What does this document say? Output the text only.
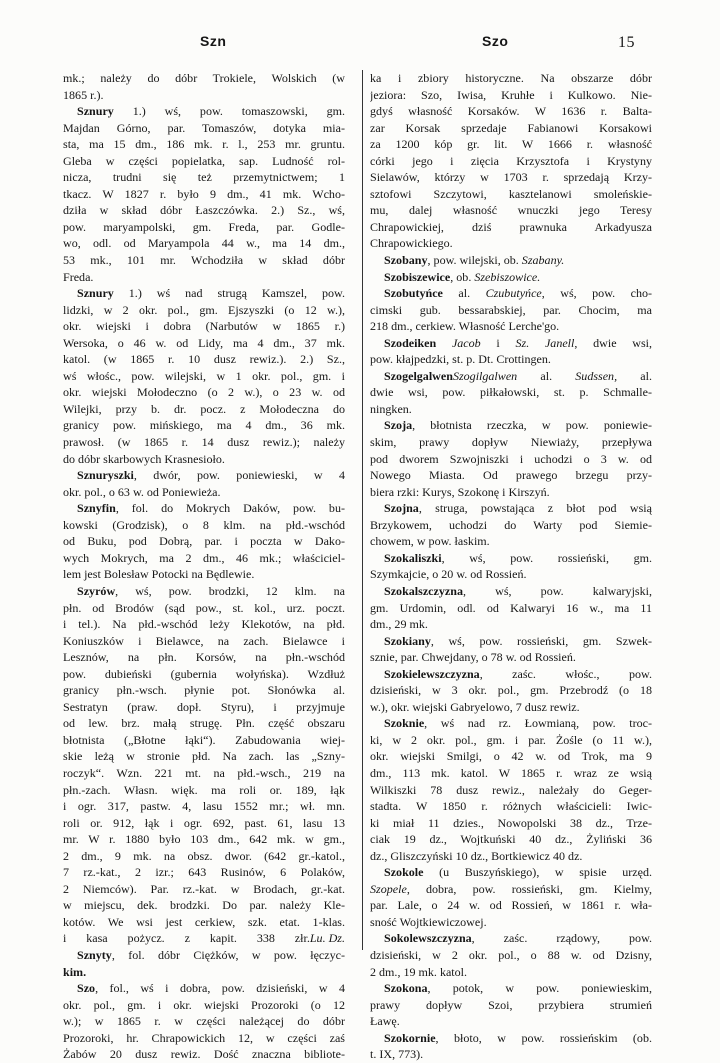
Szn	Szo	15
mk.; należy do dóbr Trokiele, Wolskich (w
1865 r.).
Sznury 1.) wś, pow. tomaszowski, gm.
Majdan Górno, par. Tomaszów, dotyka mia-
sta, ma 15 dm., 186 mk. r. l., 253 mr. gruntu.
Gleba w części popielatka, sap. Ludność rol-
nicza, trudni się też przemytnictwem; 1
tkacz. W 1827 r. było 9 dm., 41 mk. Wcho-
dziła w skład dóbr Łaszczówka. 2.) Sz., wś,
pow. maryampolski, gm. Freda, par. Godle-
wo, odl. od Maryampola 44 w., ma 14 dm.,
53 mk., 101 mr. Wchodziła w skład dóbr
Freda.
Sznury 1.) wś nad strugą Kamszel, pow.
lidzki, w 2 okr. pol., gm. Ejszyszki (o 12 w.),
okr. wiejski i dobra (Narbutów w 1865 r.)
Wersoka, o 46 w. od Lidy, ma 4 dm., 37 mk.
katol. (w 1865 r. 10 dusz rewiz.). 2.) Sz.,
wś włośc., pow. wilejski, w 1 okr. pol., gm. i
okr. wiejski Mołodeczno (o 2 w.), o 23 w. od
Wilejki, przy b. dr. pocz. z Mołodeczna do
granicy pow. mińskiego, ma 4 dm., 36 mk.
prawosł. (w 1865 r. 14 dusz rewiz.); należy
do dóbr skarbowych Krasnesioło.
Sznuryszki, dwór, pow. poniewieski, w 4
okr. pol., o 63 w. od Poniewieża.
Sznyfin, fol. do Mokrych Daków, pow. bu-
kowski (Grodzisk), o 8 klm. na płd.-wschód
od Buku, pod Dobrą, par. i poczta w Dako-
wych Mokrych, ma 2 dm., 46 mk.; właściciel-
lem jest Bolesław Potocki na Będlewie.
Szyrów, wś, pow. brodzki, 12 klm. na
płn. od Brodów (sąd pow., st. kol., urz. poczt.
i tel.). Na płd.-wschód leży Klekotów, na płd.
Koniuszków i Bielawce, na zach. Bielawce i
Lesznów, na płn. Korsów, na płn.-wschód
pow. dubieński (gubernia wołyńska). Wzdłuż
granicy płn.-wsch. płynie pot. Słonówka al.
Sestratyn (praw. dopł. Styru), i przyjmuje
od lew. brz. małą strugę. Płn. część obszaru
błotnista („Błotne łąki“). Zabudowania wiej-
skie leżą w stronie płd. Na zach. las „Szny-
roczyk“. Wzn. 221 mt. na płd.-wsch., 219 na
płn.-zach. Własn. więk. ma roli or. 189, łąk
i ogr. 317, pastw. 4, lasu 1552 mr.; wł. mn.
roli or. 912, łąk i ogr. 692, past. 61, lasu 13
mr. W r. 1880 było 103 dm., 642 mk. w gm.,
2 dm., 9 mk. na obsz. dwor. (642 gr.-katol.,
7 rz.-kat., 2 izr.; 643 Rusinów, 6 Polaków,
2 Niemców). Par. rz.-kat. w Brodach, gr.-kat.
w miejscu, dek. brodzki. Do par. należy Kle-
kotów. We wsi jest cerkiew, szk. etat. 1-klas.
i kasa pożycz. z kapit. 338 złr. Lu. Dz.
Sznyty, fol. dóbr Ciężków, w pow. łęczyc-
kim.
Szo, fol., wś i dobra, pow. dzisieński, w 4
okr. pol., gm. i okr. wiejski Prozoroki (o 12
w.); w 1865 r. w części należącej do dóbr
Prozoroki, hr. Chrapowickich 12, w części zaś
Żabów 20 dusz rewiz. Dość znaczna bibliote-
ka i zbiory historyczne. Na obszarze dóbr
jeziora: Szo, Iwisa, Kruhłe i Kulkowo. Nie-
gdyś własność Korsaków. W 1636 r. Balta-
zar Korsak sprzedaje Fabianowi Korsakowi
za 1200 kóp gr. lit. W 1666 r. własność
córki jego i zięcia Krzysztofa i Krystyny
Sielawów, którzy w 1703 r. sprzedają Krzy-
sztofowi Szczytowi, kasztelanowi smoleńskie-
mu, dalej własność wnuczki jego Teresy
Chrapowickiej, dziś prawnuka Arkadyusza
Chrapowickiego.
Szobany, pow. wilejski, ob. Szabany.
Szobiszewice, ob. Szebiszowice.
Szobutyńce al. Czubutyńce, wś, pow. cho-
cimski gub. bessarabskiej, par. Chocim, ma
218 dm., cerkiew. Własność Lerche'go.
Szodeiken Jacob i Sz. Janell, dwie wsi,
pow. kłajpedzki, st. p. Dt. Crottingen.
SzogelgalwenSzogilgalwen al. Sudssen, al.
dwie wsi, pow. piłkałowski, st. p. Schmalle-
ningken.
Szoja, błotnista rzeczka, w pow. poniewie-
skim, prawy dopływ Niewiaży, przepływa
pod dworem Szwojniszki i uchodzi o 3 w. od
Nowego Miasta. Od prawego brzegu przy-
biera rzki: Kurys, Szokonę i Kirszyń.
Szojna, struga, powstająca z błot pod wsią
Brzykowem, uchodzi do Warty pod Siemie-
chowem, w pow. łaskim.
Szokaliszki, wś, pow. rossieński, gm.
Szymkajcie, o 20 w. od Rossień.
Szokalszczyzna, wś, pow. kalwaryjski,
gm. Urdomin, odl. od Kalwaryi 16 w., ma 11
dm., 29 mk.
Szokiany, wś, pow. rossieński, gm. Szwek-
sznie, par. Chwejdany, o 78 w. od Rossień.
Szokielewszczyzna, zaśc. włośc., pow.
dzisieński, w 3 okr. pol., gm. Przebrodź (o 18
w.), okr. wiejski Gabryelowo, 7 dusz rewiz.
Szoknie, wś nad rz. Łowmianą, pow. troc-
ki, w 2 okr. pol., gm. i par. Żośle (o 11 w.),
okr. wiejski Smilgi, o 42 w. od Trok, ma 9
dm., 113 mk. katol. W 1865 r. wraz ze wsią
Wilkiszki 78 dusz rewiz., należały do Geger-
stadta. W 1850 r. różnych właścicieli: Iwic-
ki miał 11 dzies., Nowopolski 38 dz., Trze-
ciak 19 dz., Wojtkuński 40 dz., Żyliński 36
dz., Gliszczyński 10 dz., Bortkiewicz 40 dz.
Szokole (u Buszyńskiego), w spisie urzęd.
Szopele, dobra, pow. rossieński, gm. Kielmy,
par. Lale, o 24 w. od Rossień, w 1861 r. wła-
sność Wojtkiewiczowej.
Sokolewszczyzna, zaśc. rządowy, pow.
dzisieński, w 2 okr. pol., o 88 w. od Dzisny,
2 dm., 19 mk. katol.
Szokona, potok, w pow. poniewieskim,
prawy dopływ Szoi, przybiera strumień
Ławę.
Szokornie, błoto, w pow. rossieńskim (ob.
t. IX, 773).
